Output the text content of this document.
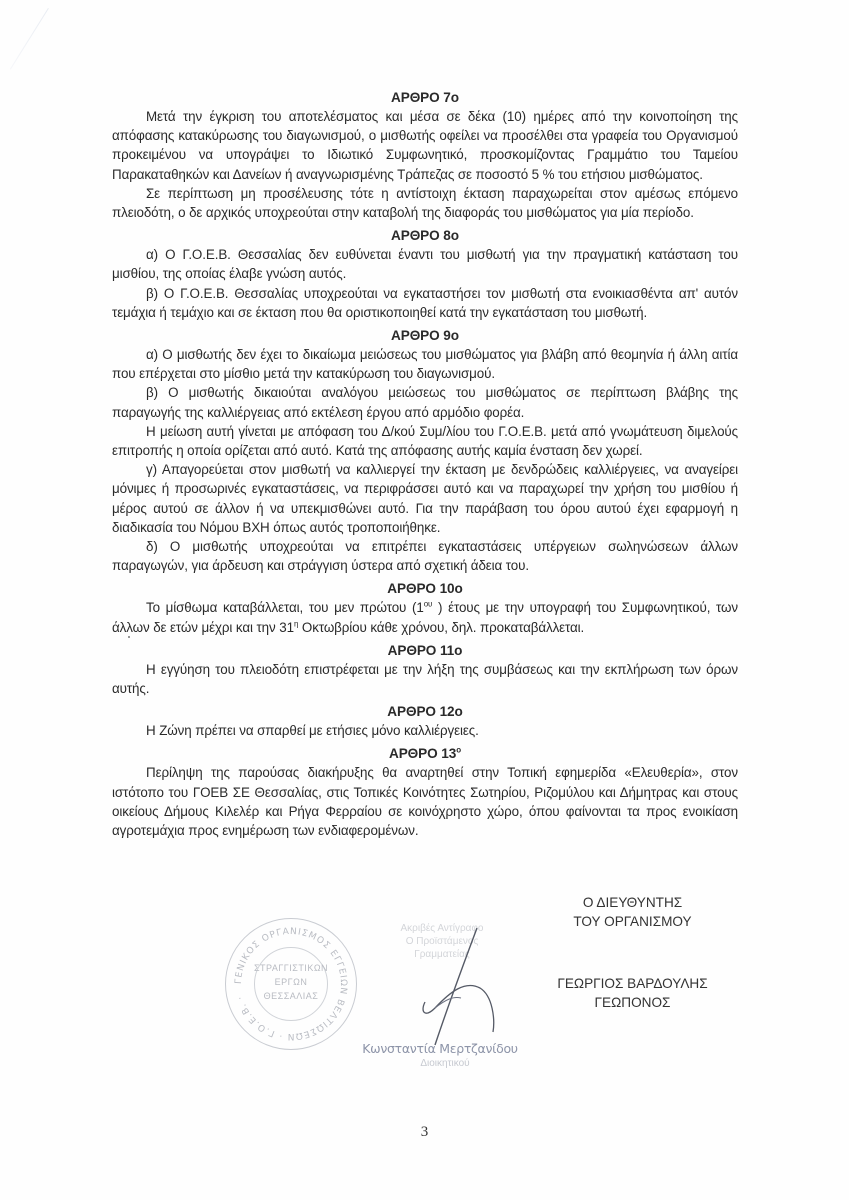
ΑΡΘΡΟ 7ο

Μετά την έγκριση του αποτελέσματος και μέσα σε δέκα (10) ημέρες από την κοινοποίηση της απόφασης κατακύρωσης του διαγωνισμού, ο μισθωτής οφείλει να προσέλθει στα γραφεία του Οργανισμού προκειμένου να υπογράψει το Ιδιωτικό Συμφωνητικό, προσκομίζοντας Γραμμάτιο του Ταμείου Παρακαταθηκών και Δανείων ή αναγνωρισμένης Τράπεζας σε ποσοστό 5 % του ετήσιου μισθώματος.

Σε περίπτωση μη προσέλευσης τότε η αντίστοιχη έκταση παραχωρείται στον αμέσως επόμενο πλειοδότη, ο δε αρχικός υποχρεούται στην καταβολή της διαφοράς του μισθώματος για μία περίοδο.

ΑΡΘΡΟ 8ο

α) Ο Γ.Ο.Ε.Β. Θεσσαλίας δεν ευθύνεται έναντι του μισθωτή για την πραγματική κατάσταση του μισθίου, της οποίας έλαβε γνώση αυτός.

β) Ο Γ.Ο.Ε.Β. Θεσσαλίας υποχρεούται να εγκαταστήσει τον μισθωτή στα ενοικιασθέντα απ' αυτόν τεμάχια ή τεμάχιο και σε έκταση που θα οριστικοποιηθεί κατά την εγκατάσταση του μισθωτή.

ΑΡΘΡΟ 9ο

α) Ο μισθωτής δεν έχει το δικαίωμα μειώσεως του μισθώματος για βλάβη από θεομηνία ή άλλη αιτία που επέρχεται στο μίσθιο μετά την κατακύρωση του διαγωνισμού.

β) Ο μισθωτής δικαιούται αναλόγου μειώσεως του μισθώματος σε περίπτωση βλάβης της παραγωγής της καλλιέργειας από εκτέλεση έργου από αρμόδιο φορέα.

Η μείωση αυτή γίνεται με απόφαση του Δ/κού Συμ/λίου του Γ.Ο.Ε.Β. μετά από γνωμάτευση διμελούς επιτροπής η οποία ορίζεται από αυτό. Κατά της απόφασης αυτής καμία ένσταση δεν χωρεί.

γ) Απαγορεύεται στον μισθωτή να καλλιεργεί την έκταση με δενδρώδεις καλλιέργειες, να αναγείρει μόνιμες ή προσωρινές εγκαταστάσεις, να περιφράσσει αυτό και να παραχωρεί την χρήση του μισθίου ή μέρος αυτού σε άλλον ή να υπεκμισθώνει αυτό. Για την παράβαση του όρου αυτού έχει εφαρμογή η διαδικασία του Νόμου ΒΧΗ όπως αυτός τροποποιήθηκε.

δ) Ο μισθωτής υποχρεούται να επιτρέπει εγκαταστάσεις υπέργειων σωληνώσεων άλλων παραγωγών, για άρδευση και στράγγιση ύστερα από σχετική άδεια του.

ΑΡΘΡΟ 10ο

Το μίσθωμα καταβάλλεται, του μεν πρώτου ($1^{o\upsilon}$ ) έτους με την υπογραφή του Συμφωνητικού, των άλλων δε ετών μέχρι και την $31^\eta$ Οκτωβρίου κάθε χρόνου, δηλ. προκαταβάλλεται.

ΑΡΘΡΟ 11ο

Η εγγύηση του πλειοδότη επιστρέφεται με την λήξη της συμβάσεως και την εκπλήρωση των όρων αυτής.

ΑΡΘΡΟ 12ο

Η Ζώνη πρέπει να σπαρθεί με ετήσιες μόνο καλλιέργειες.

ΑΡΘΡΟ $13^o$

Περίληψη της παρούσας διακήρυξης θα αναρτηθεί στην Τοπική εφημερίδα «Ελευθερία», στον ιστότοπο του ΓΟΕΒ ΣΕ Θεσσαλίας, στις Τοπικές Κοινότητες Σωτηρίου, Ριζομύλου και Δήμητρας και στους οικείους Δήμους Κιλελέρ και Ρήγα Φερραίου σε κοινόχρηστο χώρο, όπου φαίνονται τα προς ενοικίαση αγροτεμάχια προς ενημέρωση των ενδιαφερομένων.

Ο ΔΙΕΥΘΥΝΤΗΣ
ΤΟΥ ΟΡΓΑΝΙΣΜΟΥ
ΓΕΩΡΓΙΟΣ ΒΑΡΔΟΥΛΗΣ
ΓΕΩΠΟΝΟΣ
ΓΕΝΙΚΟΣ ΟΡΓΑΝΙΣΜΟΣ ΕΓΓΕΙΩΝ ΒΕΛΤΙΩΣΕΩΝ · Γ.Ο.Ε.Β. ·
ΣΤΡΑΓΓΙΣΤΙΚΩΝ
ΕΡΓΩΝ
ΘΕΣΣΑΛΙΑΣ
Ακριβές Αντίγραφο
Ο Προϊστάμενος
Γραμματείας
Κωνσταντία Μερτζανίδου
Διοικητικού
3
